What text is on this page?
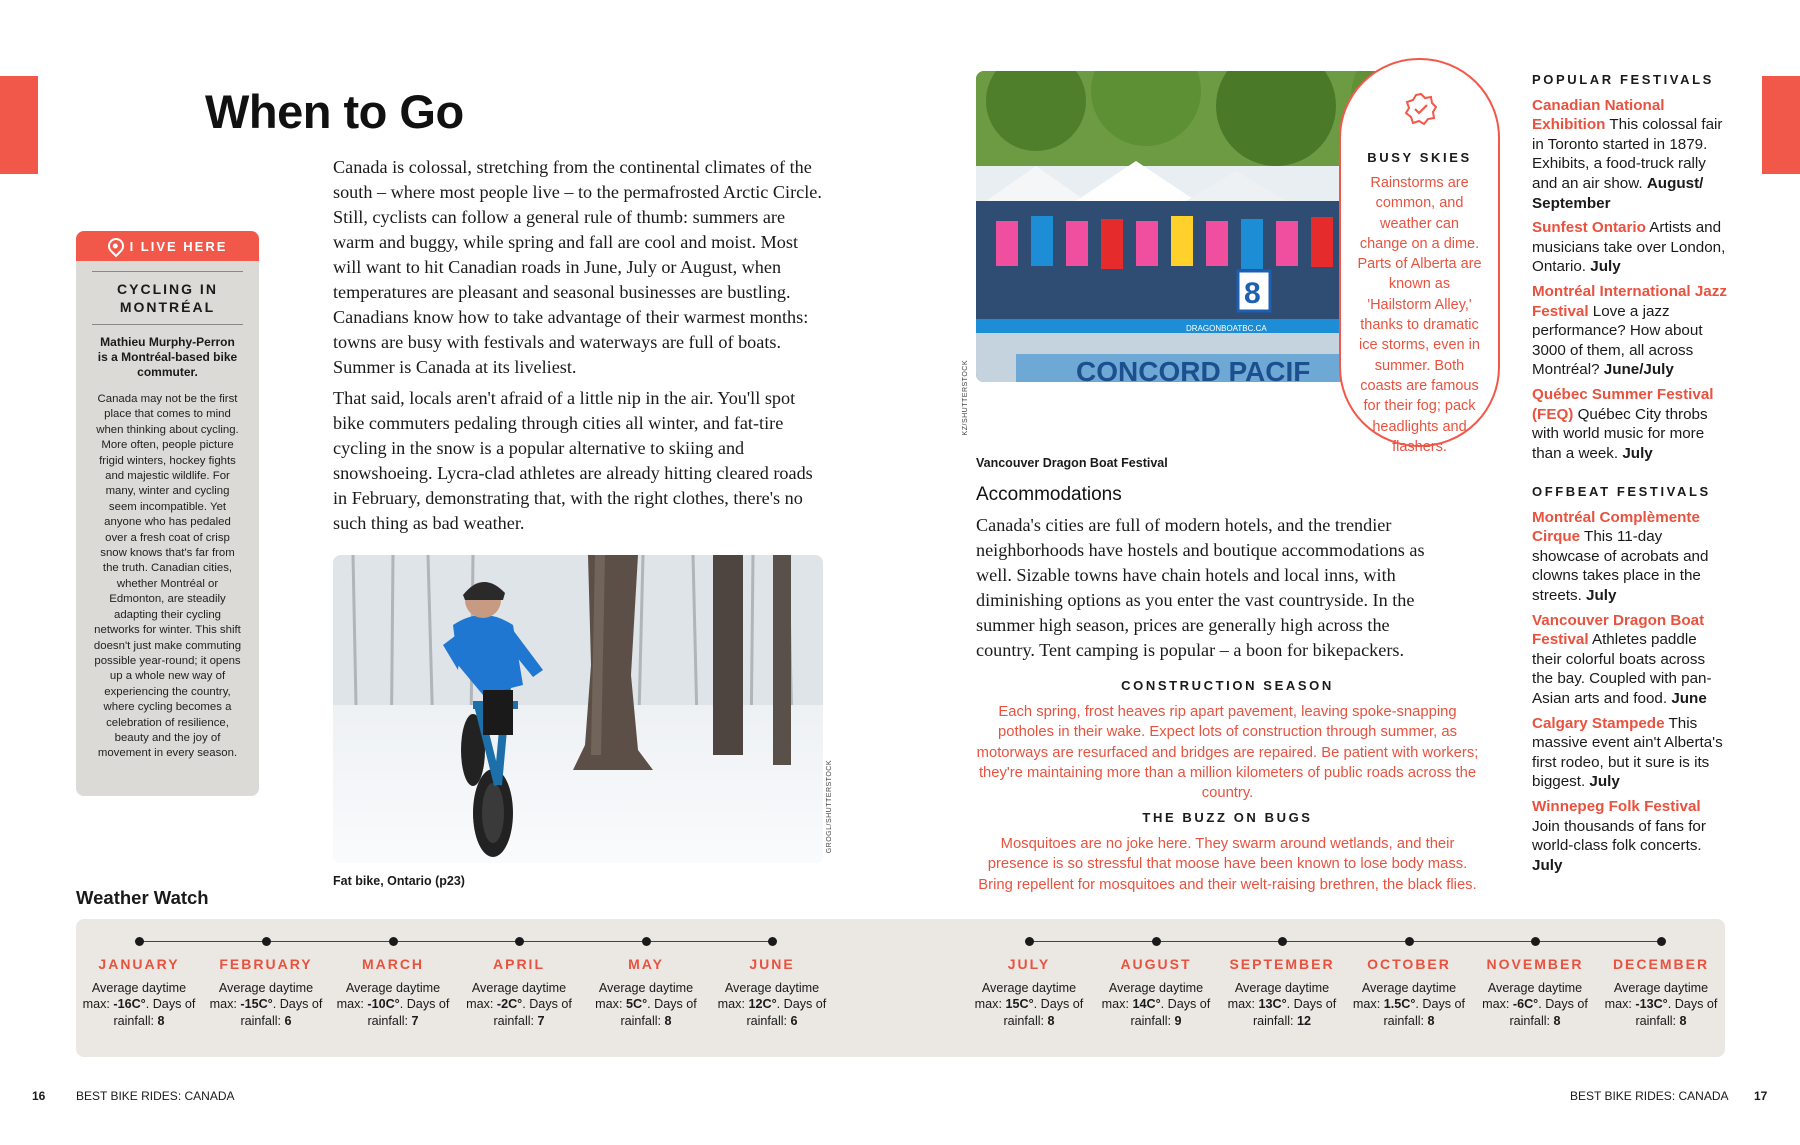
When to Go
I LIVE HERE
CYCLING IN MONTRÉAL
Mathieu Murphy-Perron is a Montréal-based bike commuter.
Canada may not be the first place that comes to mind when thinking about cycling. More often, people picture frigid winters, hockey fights and majestic wildlife. For many, winter and cycling seem incompatible. Yet anyone who has pedaled over a fresh coat of crisp snow knows that's far from the truth. Canadian cities, whether Montréal or Edmonton, are steadily adapting their cycling networks for winter. This shift doesn't just make commuting possible year-round; it opens up a whole new way of experiencing the country, where cycling becomes a celebration of resilience, beauty and the joy of movement in every season.

Canada is colossal, stretching from the continental climates of the south – where most people live – to the permafrosted Arctic Circle. Still, cyclists can follow a general rule of thumb: summers are warm and buggy, while spring and fall are cool and moist. Most will want to hit Canadian roads in June, July or August, when temperatures are pleasant and seasonal businesses are bustling. Canadians know how to take advantage of their warmest months: towns are busy with festivals and waterways are full of boats. Summer is Canada at its liveliest.

That said, locals aren't afraid of a little nip in the air. You'll spot bike commuters pedaling through cities all winter, and fat-tire cycling in the snow is a popular alternative to skiing and snowshoeing. Lycra-clad athletes are already hitting cleared roads in February, demonstrating that, with the right clothes, there's no such thing as bad weather.

Fat bike, Ontario (p23)
GROGL/SHUTTERSTOCK
DRAGONBOATBC.CA
8
CONCORD PACIF
KZ/SHUTTERSTOCK
Vancouver Dragon Boat Festival
BUSY SKIES
Rainstorms are common, and weather can change on a dime. Parts of Alberta are known as 'Hailstorm Alley,' thanks to dramatic ice storms, even in summer. Both coasts are famous for their fog; pack headlights and flashers.
Accommodations
Canada's cities are full of modern hotels, and the trendier neighborhoods have hostels and boutique accommodations as well. Sizable towns have chain hotels and local inns, with diminishing options as you enter the vast countryside. In the summer high season, prices are generally high across the country. Tent camping is popular – a boon for bikepackers.
CONSTRUCTION SEASON
Each spring, frost heaves rip apart pavement, leaving spoke-snapping potholes in their wake. Expect lots of construction through summer, as motorways are resurfaced and bridges are repaired. Be patient with workers; they're maintaining more than a million kilometers of public roads across the country.
THE BUZZ ON BUGS
Mosquitoes are no joke here. They swarm around wetlands, and their presence is so stressful that moose have been known to lose body mass. Bring repellent for mosquitoes and their welt-raising brethren, the black flies.
POPULAR FESTIVALS
Canadian National Exhibition This colossal fair in Toronto started in 1879. Exhibits, a food-truck rally and an air show. August/ September
Sunfest Ontario Artists and musicians take over London, Ontario. July
Montréal International Jazz Festival Love a jazz performance? How about 3000 of them, all across Montréal? June/July
Québec Summer Festival (FEQ) Québec City throbs with world music for more than a week. July
OFFBEAT FESTIVALS
Montréal Complèmente Cirque This 11-day showcase of acrobats and clowns takes place in the streets. July
Vancouver Dragon Boat Festival Athletes paddle their colorful boats across the bay. Coupled with pan-Asian arts and food. June
Calgary Stampede This massive event ain't Alberta's first rodeo, but it sure is its biggest. July
Winnepeg Folk Festival Join thousands of fans for world-class folk concerts. July
Weather Watch
JANUARY
Average daytime max: -16C°. Days of rainfall: 8
FEBRUARY
Average daytime max: -15C°. Days of rainfall: 6
MARCH
Average daytime max: -10C°. Days of rainfall: 7
APRIL
Average daytime max: -2C°. Days of rainfall: 7
MAY
Average daytime max: 5C°. Days of rainfall: 8
JUNE
Average daytime max: 12C°. Days of rainfall: 6
JULY
Average daytime max: 15C°. Days of rainfall: 8
AUGUST
Average daytime max: 14C°. Days of rainfall: 9
SEPTEMBER
Average daytime max: 13C°. Days of rainfall: 12
OCTOBER
Average daytime max: 1.5C°. Days of rainfall: 8
NOVEMBER
Average daytime max: -6C°. Days of rainfall: 8
DECEMBER
Average daytime max: -13C°. Days of rainfall: 8
16	BEST BIKE RIDES: CANADA	BEST BIKE RIDES: CANADA 17
